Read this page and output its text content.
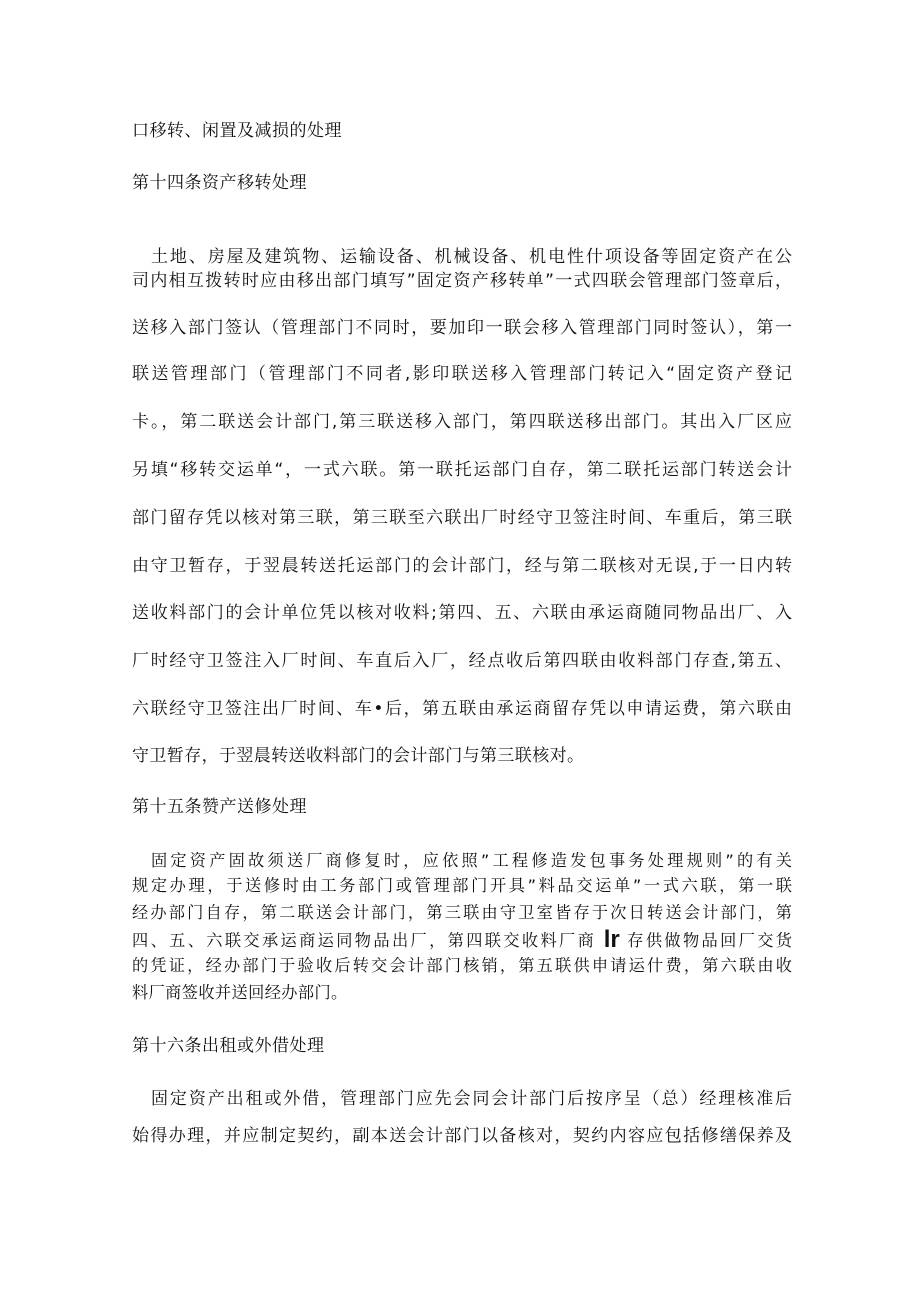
口移转、闲置及减损的处理
第十四条资产移转处理
土地、房屋及建筑物、运输设备、机械设备、机电性什项设备等固定资产在公
司内相互拨转时应由移出部门填写”固定资产移转单”一式四联会管理部门签章后，
送移入部门签认（管理部门不同时，要加印一联会移入管理部门同时签认），第一
联送管理部门（管理部门不同者,影印联送移入管理部门转记入“固定资产登记
卡。，第二联送会计部门,第三联送移入部门，第四联送移出部门。其出入厂区应
另填“移转交运单“，一式六联。第一联托运部门自存，第二联托运部门转送会计
部门留存凭以核对第三联，第三联至六联出厂时经守卫签注时间、车重后，第三联
由守卫暂存，于翌晨转送托运部门的会计部门，经与第二联核对无误,于一日内转
送收料部门的会计单位凭以核对收料;第四、五、六联由承运商随同物品出厂、入
厂时经守卫签注入厂时间、车直后入厂，经点收后第四联由收料部门存查,第五、
六联经守卫签注出厂时间、车•后，第五联由承运商留存凭以申请运费，第六联由
守卫暂存，于翌晨转送收料部门的会计部门与第三联核对。
第十五条赞产送修处理
固定资产固故须送厂商修复时，应依照”工程修造发包事务处理规则”的有关
规定办理，于送修时由工务部门或管理部门开具”料品交运单”一式六联，第一联
经办部门自存，第二联送会计部门，第三联由守卫室皆存于次日转送会计部门，第
四、五、六联交承运商运同物品出厂，第四联交收料厂商 lr 存供做物品回厂交货
的凭证，经办部门于验收后转交会计部门核销，第五联供申请运什费，第六联由收
料厂商签收并送回经办部门。
第十六条出租或外借处理
固定资产出租或外借，管理部门应先会同会计部门后按序呈（总）经理核准后
始得办理，并应制定契约，副本送会计部门以备核对，契约内容应包括修缮保养及
